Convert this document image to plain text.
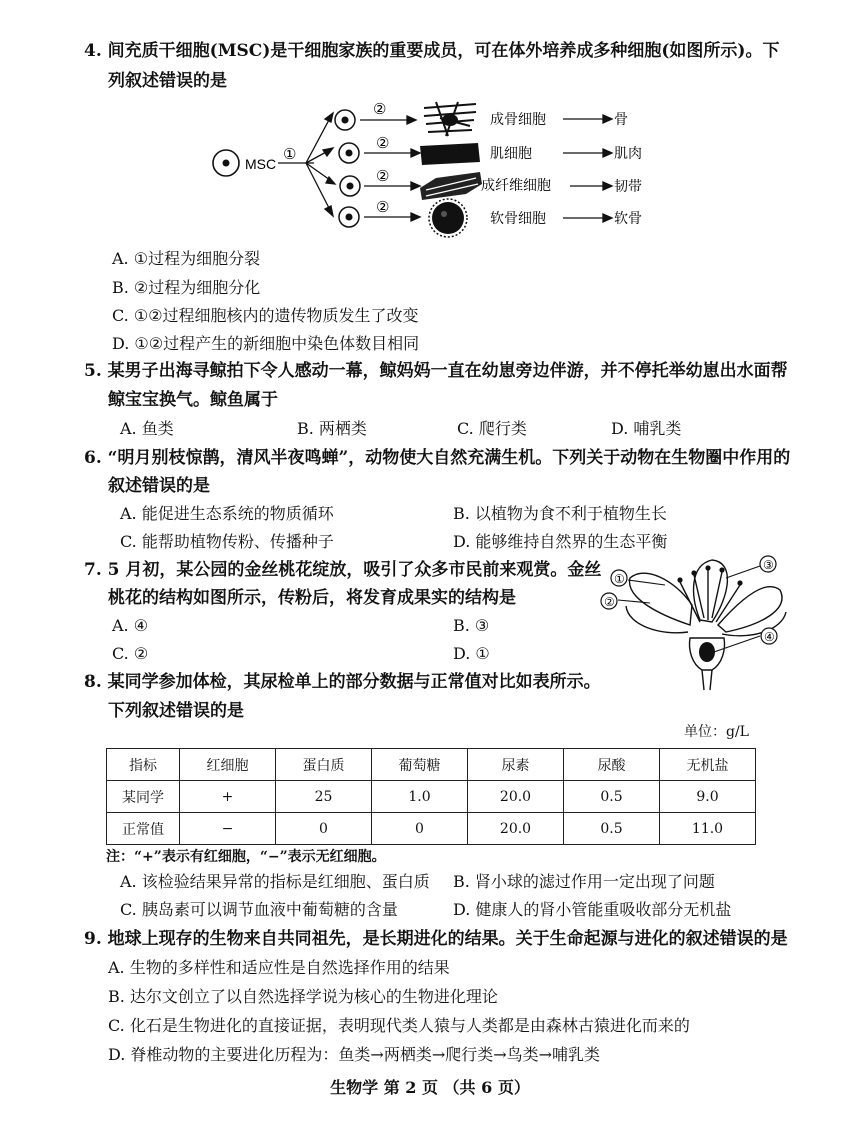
4. 间充质干细胞(MSC)是干细胞家族的重要成员，可在体外培养成多种细胞(如图所示)。下
列叙述错误的是
MSC
①
②
②
②
②
成骨细胞
肌细胞
成纤维细胞
软骨细胞
骨
肌肉
韧带
软骨
A. ①过程为细胞分裂
B. ②过程为细胞分化
C. ①②过程细胞核内的遗传物质发生了改变
D. ①②过程产生的新细胞中染色体数目相同
5. 某男子出海寻鲸拍下令人感动一幕，鲸妈妈一直在幼崽旁边伴游，并不停托举幼崽出水面帮
鲸宝宝换气。鲸鱼属于
A. 鱼类	B. 两栖类	C. 爬行类	D. 哺乳类
6. “明月别枝惊鹊，清风半夜鸣蝉”，动物使大自然充满生机。下列关于动物在生物圈中作用的
叙述错误的是
A. 能促进生态系统的物质循环	B. 以植物为食不利于植物生长
C. 能帮助植物传粉、传播种子	D. 能够维持自然界的生态平衡
7. 5 月初，某公园的金丝桃花绽放，吸引了众多市民前来观赏。金丝
桃花的结构如图所示，传粉后，将发育成果实的结构是
A. ④	B. ③
C. ②	D. ①
①
②
③
④
8. 某同学参加体检，其尿检单上的部分数据与正常值对比如表所示。
下列叙述错误的是
单位：g/L
指标	红细胞	蛋白质	葡萄糖	尿素	尿酸	无机盐
某同学	+	25	1.0	20.0	0.5	9.0
正常值	−	0	0	20.0	0.5	11.0
注：“+”表示有红细胞，“−”表示无红细胞。
A. 该检验结果异常的指标是红细胞、蛋白质 B. 肾小球的滤过作用一定出现了问题
C. 胰岛素可以调节血液中葡萄糖的含量	D. 健康人的肾小管能重吸收部分无机盐
9. 地球上现存的生物来自共同祖先，是长期进化的结果。关于生命起源与进化的叙述错误的是
A. 生物的多样性和适应性是自然选择作用的结果
B. 达尔文创立了以自然选择学说为核心的生物进化理论
C. 化石是生物进化的直接证据，表明现代类人猿与人类都是由森林古猿进化而来的
D. 脊椎动物的主要进化历程为：鱼类→两栖类→爬行类→鸟类→哺乳类
生物学 第 2 页 （共 6 页）
